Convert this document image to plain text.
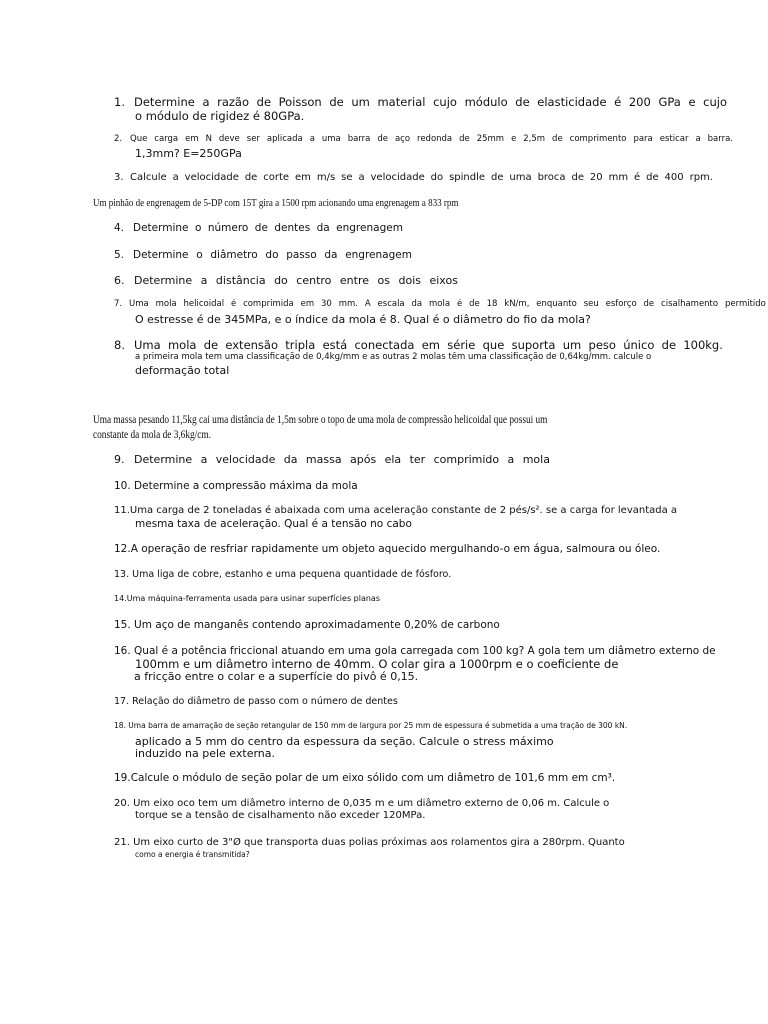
1. Determine a razão de Poisson de um material cujo módulo de elasticidade é 200 GPa e cujo
o módulo de rigidez é 80GPa.
2. Que carga em N deve ser aplicada a uma barra de aço redonda de 25mm e 2,5m de comprimento para esticar a barra.
1,3mm? E=250GPa
3. Calcule a velocidade de corte em m/s se a velocidade do spindle de uma broca de 20 mm é de 400 rpm.
Um pinhão de engrenagem de 5-DP com 15T gira a 1500 rpm acionando uma engrenagem a 833 rpm
4. Determine o número de dentes da engrenagem
5. Determine o diâmetro do passo da engrenagem
6. Determine a distância do centro entre os dois eixos
7. Uma mola helicoidal é comprimida em 30 mm. A escala da mola é de 18 kN/m, enquanto seu esforço de cisalhamento permitido
O estresse é de 345MPa, e o índice da mola é 8. Qual é o diâmetro do fio da mola?
8. Uma mola de extensão tripla está conectada em série que suporta um peso único de 100kg.
a primeira mola tem uma classificação de 0,4kg/mm e as outras 2 molas têm uma classificação de 0,64kg/mm. calcule o
deformação total
Uma massa pesando 11,5kg cai uma distância de 1,5m sobre o topo de uma mola de compressão helicoidal que possui um
constante da mola de 3,6kg/cm.
9. Determine a velocidade da massa após ela ter comprimido a mola
10. Determine a compressão máxima da mola
11.Uma carga de 2 toneladas é abaixada com uma aceleração constante de 2 pés/s². se a carga for levantada a
mesma taxa de aceleração. Qual é a tensão no cabo
12.A operação de resfriar rapidamente um objeto aquecido mergulhando-o em água, salmoura ou óleo.
13. Uma liga de cobre, estanho e uma pequena quantidade de fósforo.
14.Uma máquina-ferramenta usada para usinar superfícies planas
15. Um aço de manganês contendo aproximadamente 0,20% de carbono
16. Qual é a potência friccional atuando em uma gola carregada com 100 kg? A gola tem um diâmetro externo de
100mm e um diâmetro interno de 40mm. O colar gira a 1000rpm e o coeficiente de
a fricção entre o colar e a superfície do pivô é 0,15.
17. Relação do diâmetro de passo com o número de dentes
18. Uma barra de amarração de seção retangular de 150 mm de largura por 25 mm de espessura é submetida a uma tração de 300 kN.
aplicado a 5 mm do centro da espessura da seção. Calcule o stress máximo
induzido na pele externa.
19.Calcule o módulo de seção polar de um eixo sólido com um diâmetro de 101,6 mm em cm³.
20. Um eixo oco tem um diâmetro interno de 0,035 m e um diâmetro externo de 0,06 m. Calcule o
torque se a tensão de cisalhamento não exceder 120MPa.
21. Um eixo curto de 3"Ø que transporta duas polias próximas aos rolamentos gira a 280rpm. Quanto
como a energia é transmitida?
